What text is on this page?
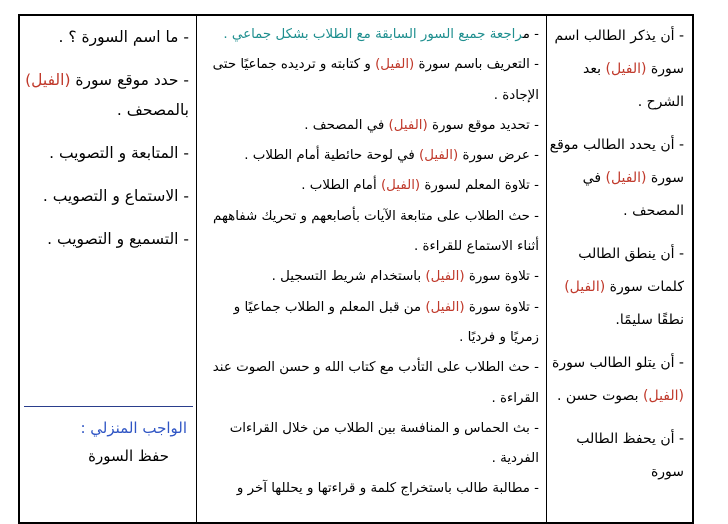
- أن يذكر الطالب اسم سورة (الفيل) بعد الشرح .
- أن يحدد الطالب موقع سورة (الفيل) في المصحف .
- أن ينطق الطالب كلمات سورة (الفيل) نطقًا سليمًا.
- أن يتلو الطالب سورة (الفيل) بصوت حسن .
- أن يحفظ الطالب سورة
- مراجعة جميع السور السابقة مع الطلاب بشكل جماعي .
- التعريف باسم سورة (الفيل) و كتابته و ترديده جماعيًا حتى الإجادة .
- تحديد موقع سورة (الفيل) في المصحف .
- عرض سورة (الفيل) في لوحة حائطية أمام الطلاب .
- تلاوة المعلم لسورة (الفيل) أمام الطلاب .
- حث الطلاب على متابعة الآيات بأصابعهم و تحريك شفاههم أثناء الاستماع للقراءة .
- تلاوة سورة (الفيل) باستخدام شريط التسجيل .
- تلاوة سورة (الفيل) من قبل المعلم و الطلاب جماعيًا و زمريًا و فرديًا .
- حث الطلاب على التأدب مع كتاب الله و حسن الصوت عند القراءة .
- بث الحماس و المنافسة بين الطلاب من خلال القراءات الفردية .
- مطالبة طالب باستخراج كلمة و قراءتها و يحللها آخر و
- ما اسم السورة ؟ .
- حدد موقع سورة (الفيل) بالمصحف .
- المتابعة و التصويب .
- الاستماع و التصويب .
- التسميع و التصويب .
الواجب المنزلي :
حفظ السورة
